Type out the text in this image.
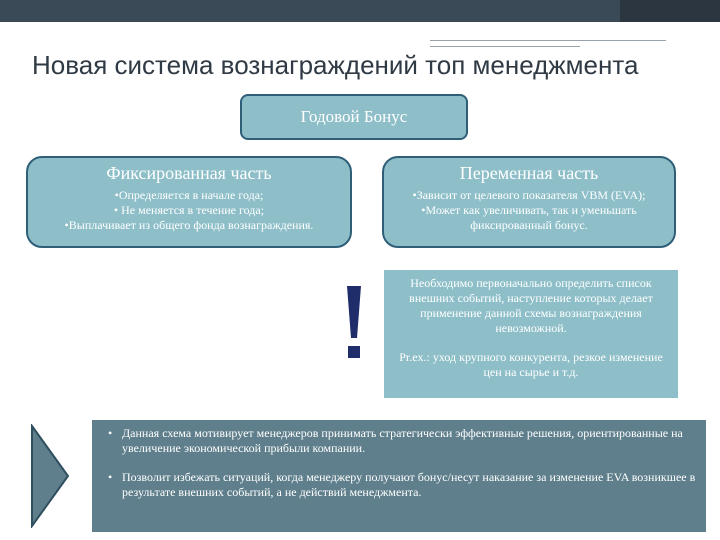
Новая система вознаграждений топ менеджмента
Годовой Бонус
Фиксированная часть
•Определяется в начале года;
• Не меняется в течение года;
•Выплачивает из общего фонда вознаграждения.
Переменная часть
•Зависит от целевого показателя VBM (EVA);
•Может как увеличивать, так и уменьшать фиксированный бонус.

Необходимо первоначально определить список внешних событий, наступление которых делает применение данной схемы вознаграждения невозможной.

Pr.ex.: уход крупного конкурента, резкое изменение цен на сырье и т.д.

• Данная схема мотивирует менеджеров принимать стратегически эффективные решения, ориентированные на увеличение экономической прибыли компании.
• Позволит избежать ситуаций, когда менеджеру получают бонус/несут наказание за изменение EVA возникшее в результате внешних событий, а не действий менеджмента.
